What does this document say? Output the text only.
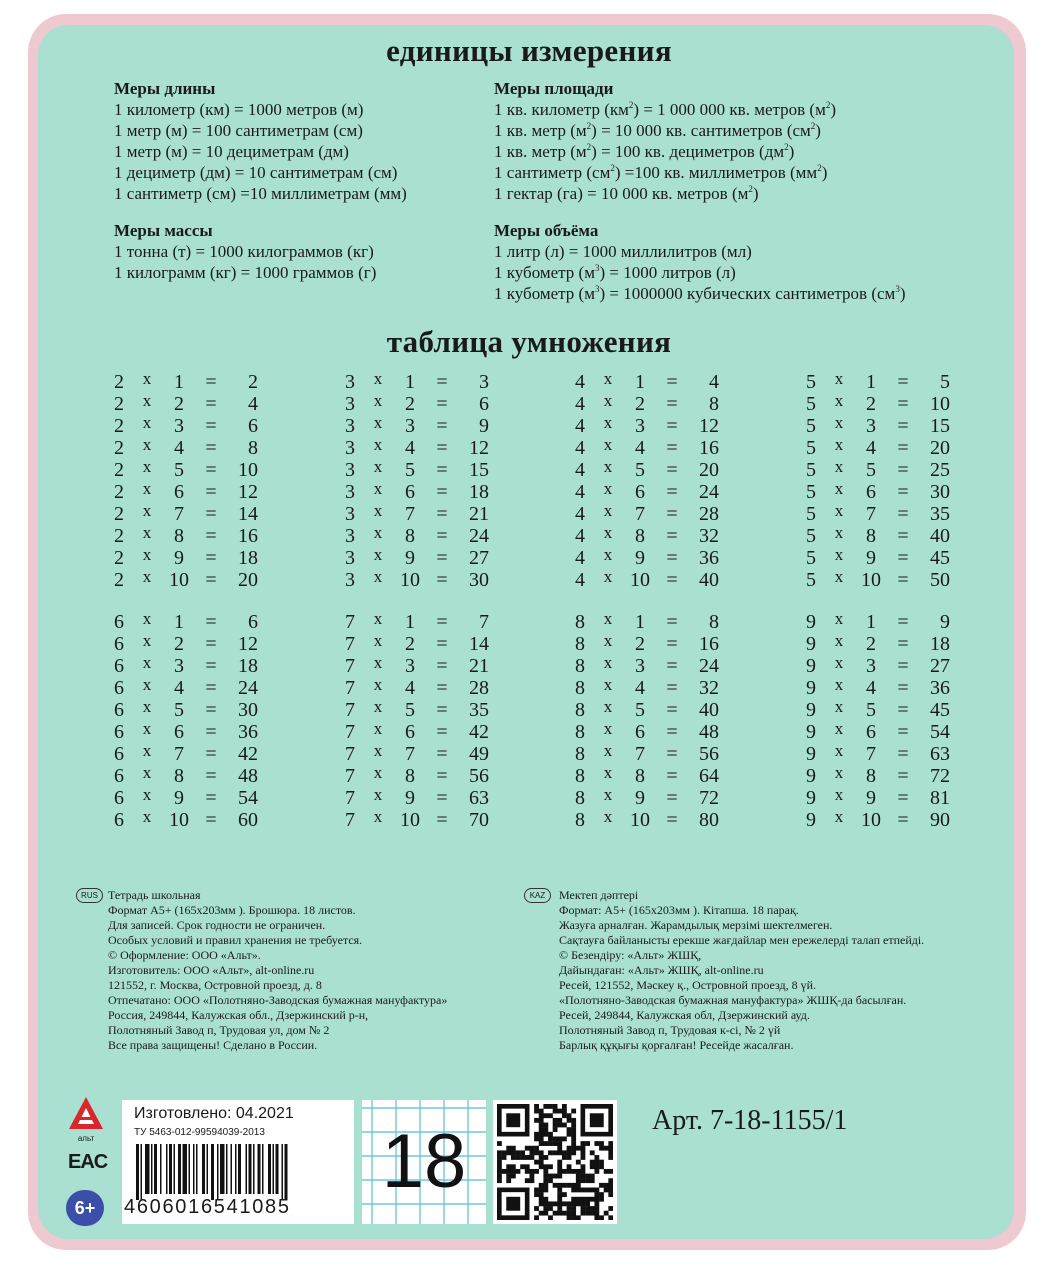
единицы измерения
Меры длины
1 километр (км) = 1000 метров (м)
1 метр (м) = 100 сантиметрам (см)
1 метр (м) = 10 дециметрам (дм)
1 дециметр (дм) = 10 сантиметрам (см)
1 сантиметр (см) =10 миллиметрам (мм)
Меры массы
1 тонна (т) = 1000 килограммов (кг)
1 килограмм (кг) = 1000 граммов (г)
Меры площади
1 кв. километр $(км^2) = 1$ 000 000 кв. метров $(м^2)$
1 кв. метр $(м^2) = 10$ 000 кв. сантиметров $(см^2)$
1 кв. метр $(м^2) = 100$ кв. дециметров $(дм^2)$
1 сантиметр $(см^2) =100$ кв. миллиметров $(мм^2)$
1 гектар (га) = 10 000 кв. метров $(м^2)$
Меры объёма
1 литр (л) = 1000 миллилитров (мл)
1 кубометр $(м^3) = 1000$ литров (л)
1 кубометр $(м^3) = 1000000$ кубических сантиметров $(см^3)$
таблица умножения
2 x	1	=	2
2 x	2	=	4
2 x	3	=	6
2 x	4	=	8
2 x	5	=	10
2 x	6	=	12
2 x	7	=	14
2 x	8	=	16
2 x	9	=	18
2 x 10 =	20
3 x	1	=	3
3 x	2	=	6
3 x	3	=	9
3 x	4	=	12
3 x	5	=	15
3 x	6	=	18
3 x	7	=	21
3 x	8	=	24
3 x	9	=	27
3 x 10 =	30
4 x	1	=	4
4 x	2	=	8
4 x	3	=	12
4 x	4	=	16
4 x	5	=	20
4 x	6	=	24
4 x	7	=	28
4 x	8	=	32
4 x	9	=	36
4 x 10 =	40
5 x	1	=	5
5 x	2	=	10
5 x	3	=	15
5 x	4	=	20
5 x	5	=	25
5 x	6	=	30
5 x	7	=	35
5 x	8	=	40
5 x	9	=	45
5 x 10 =	50
6 x	1	=	6
6 x	2	=	12
6 x	3	=	18
6 x	4	=	24
6 x	5	=	30
6 x	6	=	36
6 x	7	=	42
6 x	8	=	48
6 x	9	=	54
6 x 10 =	60
7 x	1	=	7
7 x	2	=	14
7 x	3	=	21
7 x	4	=	28
7 x	5	=	35
7 x	6	=	42
7 x	7	=	49
7 x	8	=	56
7 x	9	=	63
7 x 10 =	70
8 x	1	=	8
8 x	2	=	16
8 x	3	=	24
8 x	4	=	32
8 x	5	=	40
8 x	6	=	48
8 x	7	=	56
8 x	8	=	64
8 x	9	=	72
8 x 10 =	80
9 x	1	=	9
9 x	2	=	18
9 x	3	=	27
9 x	4	=	36
9 x	5	=	45
9 x	6	=	54
9 x	7	=	63
9 x	8	=	72
9 x	9	=	81
9 x 10 =	90
RUS Тетрадь школьная
Формат А5+ (165х203мм ). Брошюра. 18 листов.
Для записей. Срок годности не ограничен.
Особых условий и правил хранения не требуется.
© Оформление: ООО «Альт».
Изготовитель: ООО «Альт», alt-online.ru
121552, г. Москва, Островной проезд, д. 8
Отпечатано: ООО «Полотняно-Заводская бумажная мануфактура»
Россия, 249844, Калужская обл., Дзержинский р-н,
Полотняный Завод п, Трудовая ул, дом № 2
Все права защищены! Сделано в России.
KAZ	Мектеп дәптері
Формат: А5+ (165х203мм ). Кітапша. 18 парақ.
Жазуға арналған. Жарамдылық мерзімі шектелмеген.
Сақтауға байланысты ерекше жағдайлар мен ережелерді талап етпейді.
© Безендіру: «Альт» ЖШҚ,
Дайындаған: «Альт» ЖШҚ, alt-online.ru
Ресей, 121552, Мәскеу қ., Островной проезд, 8 үй.
«Полотняно-Заводская бумажная мануфактура» ЖШҚ-да басылған.
Ресей, 249844, Калужская обл, Дзержинский ауд.
Полотняный Завод п, Трудовая к-сі, № 2 үй
Барлық құқығы қорғалған! Ресейде жасалған.
альт
EAC
6+
Изготовлено: 04.2021
ТУ 5463-012-99594039-2013
4606016541085
18	Арт. 7-18-1155/1
